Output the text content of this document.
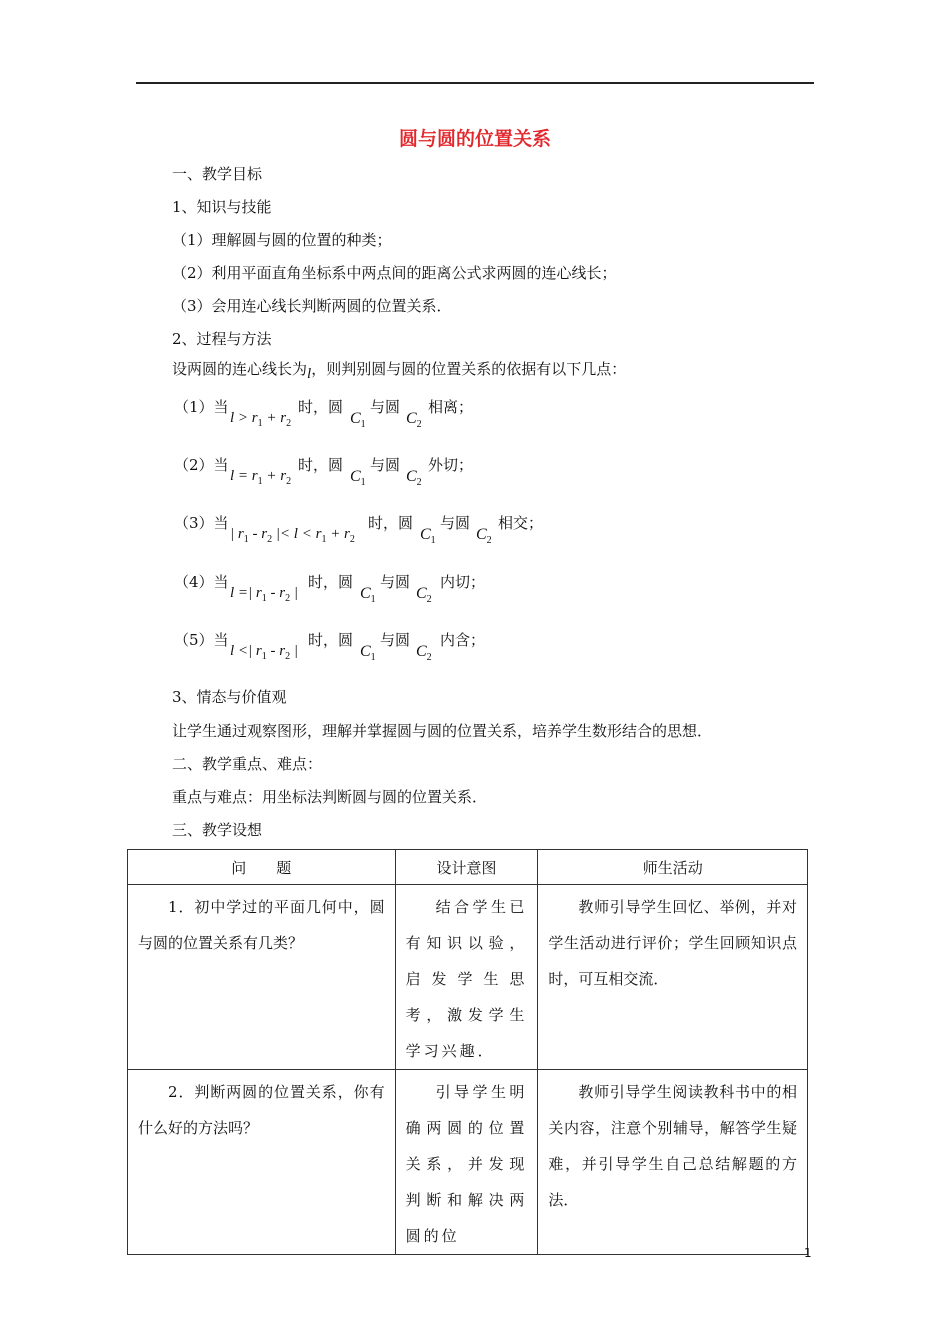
圆与圆的位置关系
一、教学目标
1、知识与技能
（1）理解圆与圆的位置的种类；
（2）利用平面直角坐标系中两点间的距离公式求两圆的连心线长；
（3）会用连心线长判断两圆的位置关系．
2、过程与方法
设两圆的连心线长为l，则判别圆与圆的位置关系的依据有以下几点：
（1）当
$l > r_1 + r_2$
时，圆
$C_1$
与圆
$C_2$
相离；
（2）当
$l = r_1 + r_2$
时，圆
$C_1$
与圆
$C_2$
外切；
（3）当
| $r_1 - r_2$ |< $l < r_1 + r_2$
时，圆
$C_1$
与圆
$C_2$
相交；
（4）当
l =| $r_1 - r_2$ |
时，圆
$C_1$
与圆
$C_2$
内切；
（5）当
l <| $r_1 - r_2$ |
时，圆
$C_1$
与圆
$C_2$
内含；
3、情态与价值观
让学生通过观察图形，理解并掌握圆与圆的位置关系，培养学生数形结合的思想．
二、教学重点、难点：
重点与难点：用坐标法判断圆与圆的位置关系．
三、教学设想
问　　题	设计意图	师生活动

1．初中学过的平面几何中，圆与圆的位置关系有几类？	结合学生已有知识以验，启发学生思考，激发学生学习兴趣．	教师引导学生回忆、举例，并对学生活动进行评价；学生回顾知识点时，可互相交流．

2．判断两圆的位置关系，你有什么好的方法吗？	引导学生明确两圆的位置关系，并发现判断和解决两圆的位	教师引导学生阅读教科书中的相关内容，注意个别辅导，解答学生疑难，并引导学生自己总结解题的方法．
1
